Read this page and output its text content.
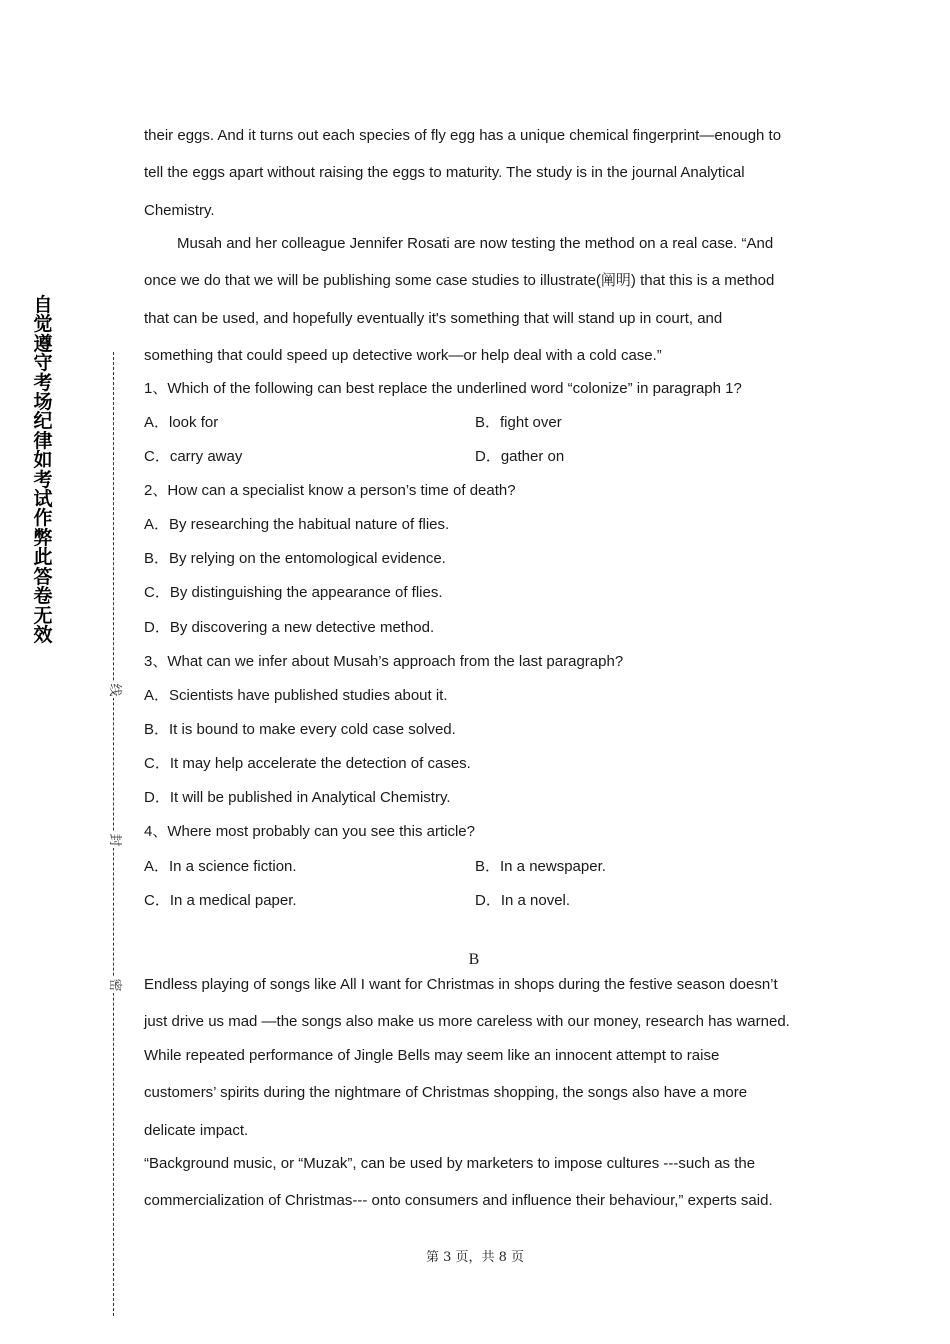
自觉遵守考场纪律如考试作弊此答卷无效
线
封
密
their eggs. And it turns out each species of fly egg has a unique chemical fingerprint—enough to
tell the eggs apart without raising the eggs to maturity. The study is in the journal Analytical
Chemistry.
Musah and her colleague Jennifer Rosati are now testing the method on a real case. “And
once we do that we will be publishing some case studies to illustrate(阐明) that this is a method
that can be used, and hopefully eventually it's something that will stand up in court, and
something that could speed up detective work—or help deal with a cold case.”
1、Which of the following can best replace the underlined word “colonize” in paragraph 1?
A．look for	B．fight over
C．carry away	D．gather on
2、How can a specialist know a person’s time of death?
A．By researching the habitual nature of flies.
B．By relying on the entomological evidence.
C．By distinguishing the appearance of flies.
D．By discovering a new detective method.
3、What can we infer about Musah’s approach from the last paragraph?
A．Scientists have published studies about it.
B．It is bound to make every cold case solved.
C．It may help accelerate the detection of cases.
D．It will be published in Analytical Chemistry.
4、Where most probably can you see this article?
A．In a science fiction.	B．In a newspaper.
C．In a medical paper.	D．In a novel.
B
Endless playing of songs like All I want for Christmas in shops during the festive season doesn’t
just drive us mad —the songs also make us more careless with our money, research has warned.
While repeated performance of Jingle Bells may seem like an innocent attempt to raise
customers’ spirits during the nightmare of Christmas shopping, the songs also have a more
delicate impact.
“Background music, or “Muzak”, can be used by marketers to impose cultures ---such as the
commercialization of Christmas--- onto consumers and influence their behaviour,” experts said.
第 3 页，共 8 页
